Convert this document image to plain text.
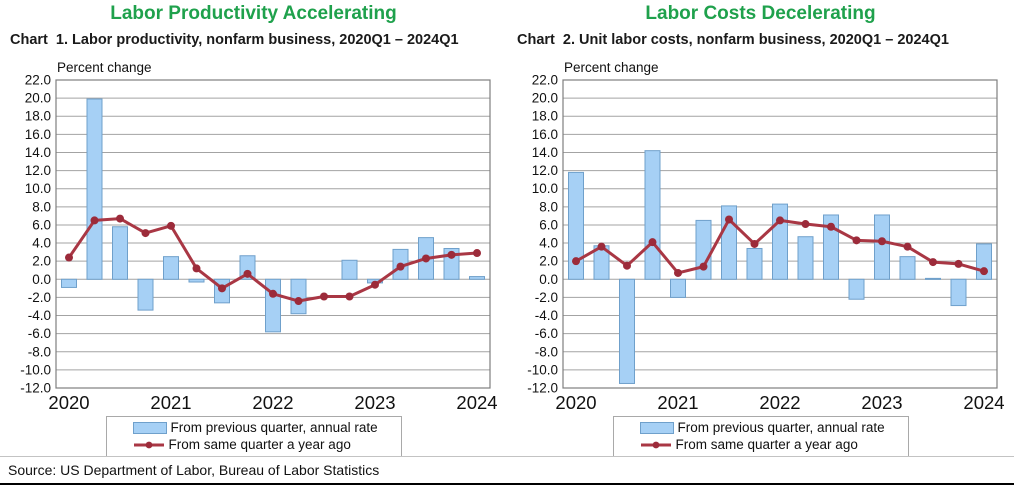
Labor Productivity Accelerating
Chart  1. Labor productivity, nonfarm business, 2020Q1 – 2024Q1
-12.0
-10.0
-8.0
-6.0
-4.0
-2.0
0.0
2.0
4.0
6.0
8.0
10.0
12.0
14.0
16.0
18.0
20.0
22.0
2020	2021	2022	2023	2024
Percent change
From previous quarter, annual rate
From same quarter a year ago
Labor Costs Decelerating
Chart  2. Unit labor costs, nonfarm business, 2020Q1 – 2024Q1
-12.0
-10.0
-8.0
-6.0
-4.0
-2.0
0.0
2.0
4.0
6.0
8.0
10.0
12.0
14.0
16.0
18.0
20.0
22.0
2020	2021	2022	2023	2024
Percent change
From previous quarter, annual rate
From same quarter a year ago
Source: US Department of Labor, Bureau of Labor Statistics
